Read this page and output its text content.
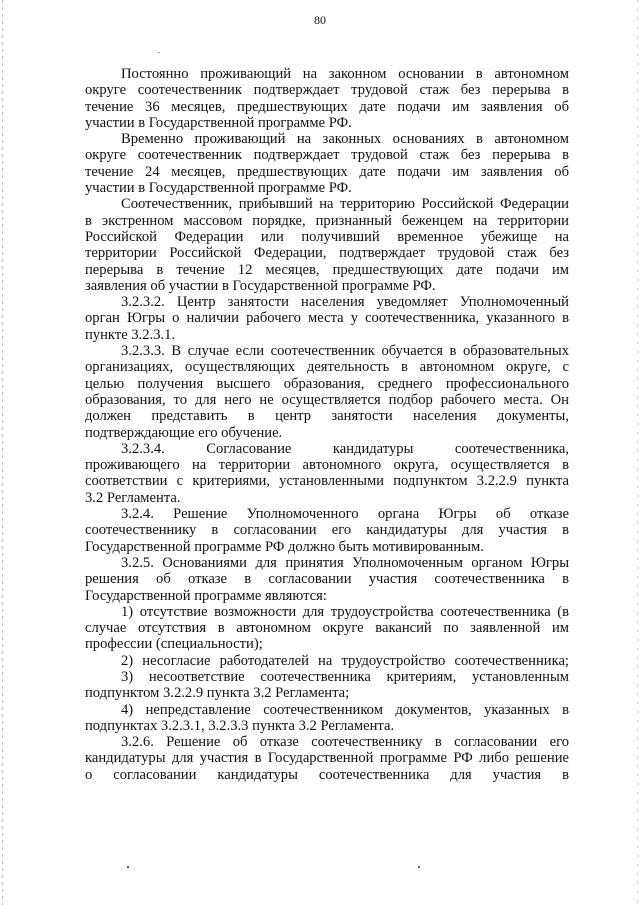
80
Постоянно проживающий на законном основании в автономном
округе соотечественник подтверждает трудовой стаж без перерыва в
течение 36 месяцев, предшествующих дате подачи им заявления об
участии в Государственной программе РФ.
Временно проживающий на законных основаниях в автономном
округе соотечественник подтверждает трудовой стаж без перерыва в
течение 24 месяцев, предшествующих дате подачи им заявления об
участии в Государственной программе РФ.
Соотечественник, прибывший на территорию Российской Федерации
в экстренном массовом порядке, признанный беженцем на территории
Российской Федерации или получивший временное убежище на
территории Российской Федерации, подтверждает трудовой стаж без
перерыва в течение 12 месяцев, предшествующих дате подачи им
заявления об участии в Государственной программе РФ.
3.2.3.2. Центр занятости населения уведомляет Уполномоченный
орган Югры о наличии рабочего места у соотечественника, указанного в
пункте 3.2.3.1.
3.2.3.3. В случае если соотечественник обучается в образовательных
организациях, осуществляющих деятельность в автономном округе, с
целью получения высшего образования, среднего профессионального
образования, то для него не осуществляется подбор рабочего места. Он
должен представить в центр занятости населения документы,
подтверждающие его обучение.
3.2.3.4. Согласование кандидатуры соотечественника,
проживающего на территории автономного округа, осуществляется в
соответствии с критериями, установленными подпунктом 3.2.2.9 пункта
3.2 Регламента.
3.2.4. Решение Уполномоченного органа Югры об отказе
соотечественнику в согласовании его кандидатуры для участия в
Государственной программе РФ должно быть мотивированным.
3.2.5. Основаниями для принятия Уполномоченным органом Югры
решения об отказе в согласовании участия соотечественника в
Государственной программе являются:
1) отсутствие возможности для трудоустройства соотечественника (в
случае отсутствия в автономном округе вакансий по заявленной им
профессии (специальности);
2) несогласие работодателей на трудоустройство соотечественника;
3) несоответствие соотечественника критериям, установленным
подпунктом 3.2.2.9 пункта 3.2 Регламента;
4) непредставление соотечественником документов, указанных в
подпунктах 3.2.3.1, 3.2.3.3 пункта 3.2 Регламента.
3.2.6. Решение об отказе соотечественнику в согласовании его
кандидатуры для участия в Государственной программе РФ либо решение
о согласовании кандидатуры соотечественника для участия в
